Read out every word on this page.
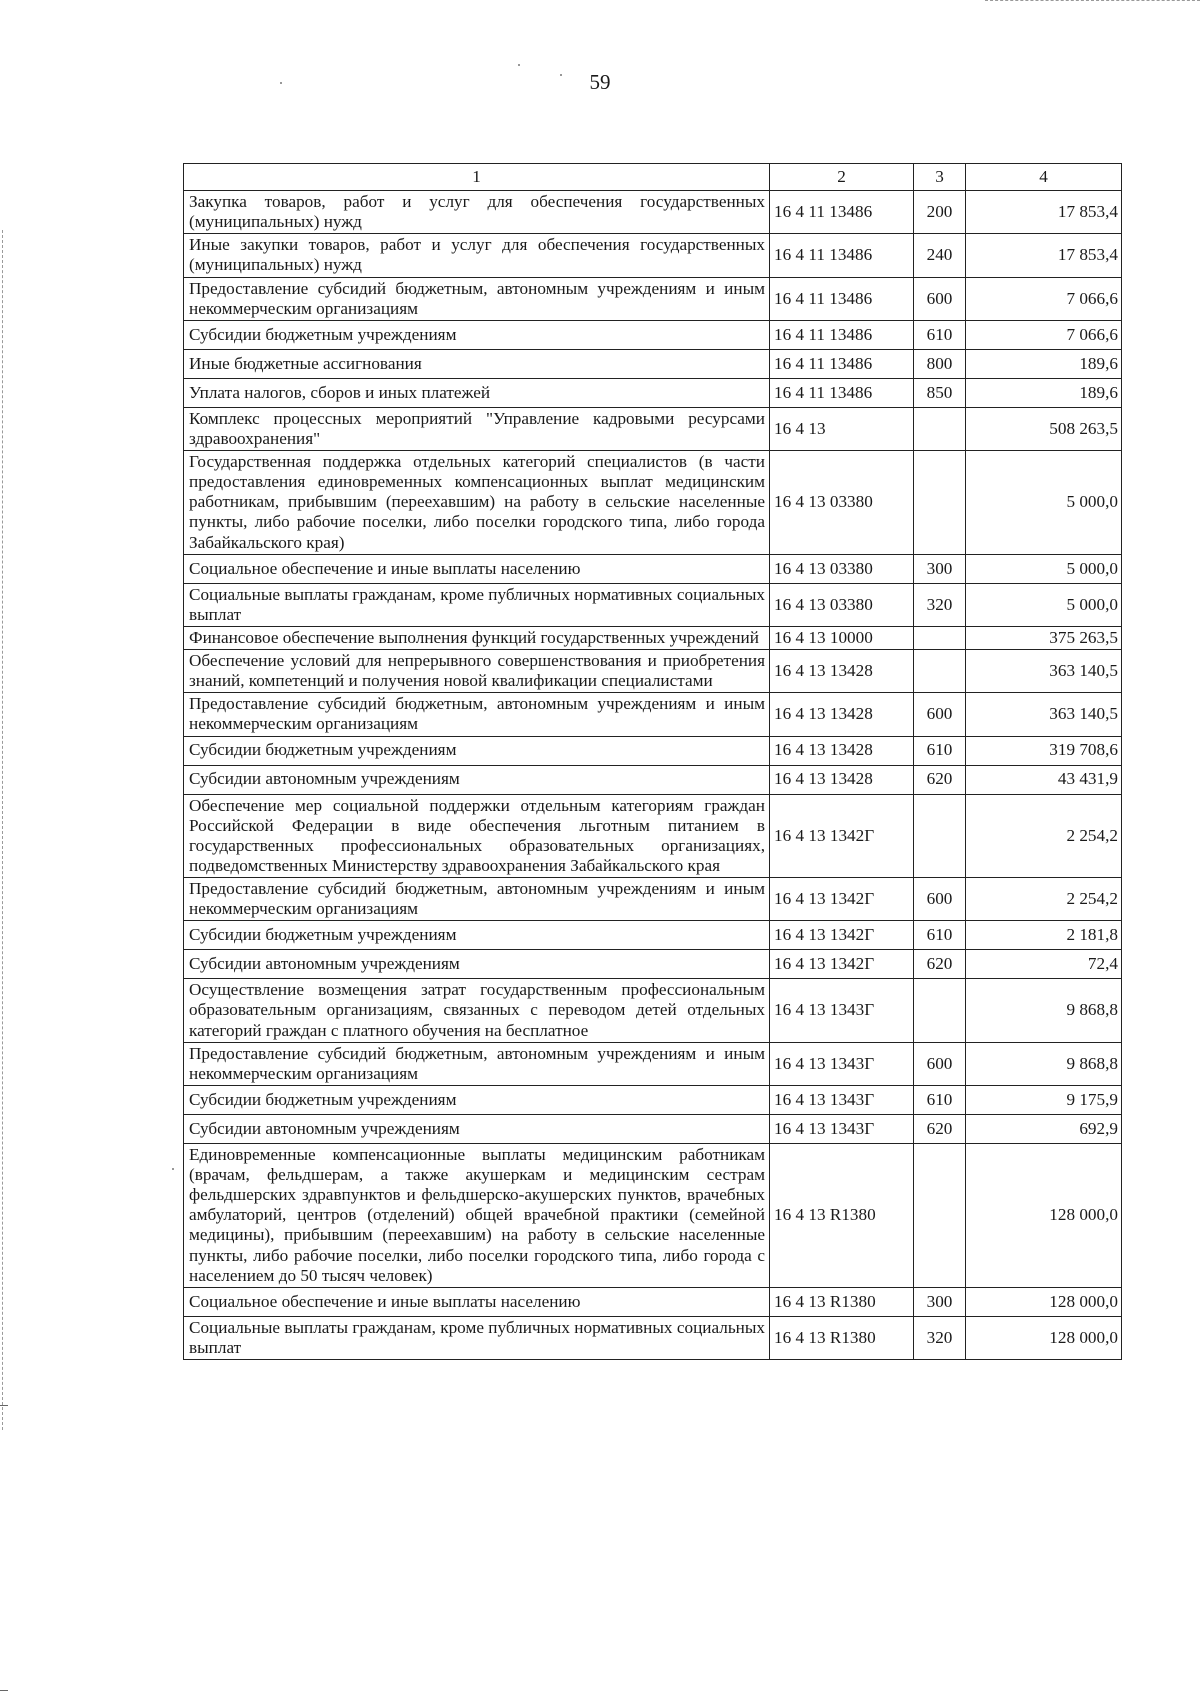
59
1	2	3	4
Закупка товаров, работ и услуг для обеспечения государственных (муниципальных) нужд	16 4 11 13486	200	17 853,4
Иные закупки товаров, работ и услуг для обеспечения государственных (муниципальных) нужд	16 4 11 13486	240	17 853,4
Предоставление субсидий бюджетным, автономным учреждениям и иным некоммерческим организациям	16 4 11 13486	600	7 066,6
Субсидии бюджетным учреждениям	16 4 11 13486	610	7 066,6
Иные бюджетные ассигнования	16 4 11 13486	800	189,6
Уплата налогов, сборов и иных платежей	16 4 11 13486	850	189,6
Комплекс процессных мероприятий "Управление кадровыми ресурсами здравоохранения"	16 4 13		508 263,5
Государственная поддержка отдельных категорий специалистов (в части предоставления единовременных компенсационных выплат медицинским работникам, прибывшим (переехавшим) на работу в сельские населенные пункты, либо рабочие поселки, либо поселки городского типа, либо города Забайкальского края)	16 4 13 03380		5 000,0
Социальное обеспечение и иные выплаты населению	16 4 13 03380	300	5 000,0
Социальные выплаты гражданам, кроме публичных нормативных социальных выплат	16 4 13 03380	320	5 000,0
Финансовое обеспечение выполнения функций государственных учреждений	16 4 13 10000		375 263,5
Обеспечение условий для непрерывного совершенствования и приобретения знаний, компетенций и получения новой квалификации специалистами	16 4 13 13428		363 140,5
Предоставление субсидий бюджетным, автономным учреждениям и иным некоммерческим организациям	16 4 13 13428	600	363 140,5
Субсидии бюджетным учреждениям	16 4 13 13428	610	319 708,6
Субсидии автономным учреждениям	16 4 13 13428	620	43 431,9
Обеспечение мер социальной поддержки отдельным категориям граждан Российской Федерации в виде обеспечения льготным питанием в государственных профессиональных образовательных организациях, подведомственных Министерству здравоохранения Забайкальского края	16 4 13 1342Г		2 254,2
Предоставление субсидий бюджетным, автономным учреждениям и иным некоммерческим организациям	16 4 13 1342Г	600	2 254,2
Субсидии бюджетным учреждениям	16 4 13 1342Г	610	2 181,8
Субсидии автономным учреждениям	16 4 13 1342Г	620	72,4
Осуществление возмещения затрат государственным профессиональным образовательным организациям, связанных с переводом детей отдельных категорий граждан с платного обучения на бесплатное	16 4 13 1343Г		9 868,8
Предоставление субсидий бюджетным, автономным учреждениям и иным некоммерческим организациям	16 4 13 1343Г	600	9 868,8
Субсидии бюджетным учреждениям	16 4 13 1343Г	610	9 175,9
Субсидии автономным учреждениям	16 4 13 1343Г	620	692,9
Единовременные компенсационные выплаты медицинским работникам (врачам, фельдшерам, а также акушеркам и медицинским сестрам фельдшерских здравпунктов и фельдшерско-акушерских пунктов, врачебных амбулаторий, центров (отделений) общей врачебной практики (семейной медицины), прибывшим (переехавшим) на работу в сельские населенные пункты, либо рабочие поселки, либо поселки городского типа, либо города с населением до 50 тысяч человек)	16 4 13 R1380		128 000,0
Социальное обеспечение и иные выплаты населению	16 4 13 R1380	300	128 000,0
Социальные выплаты гражданам, кроме публичных нормативных социальных выплат	16 4 13 R1380	320	128 000,0
